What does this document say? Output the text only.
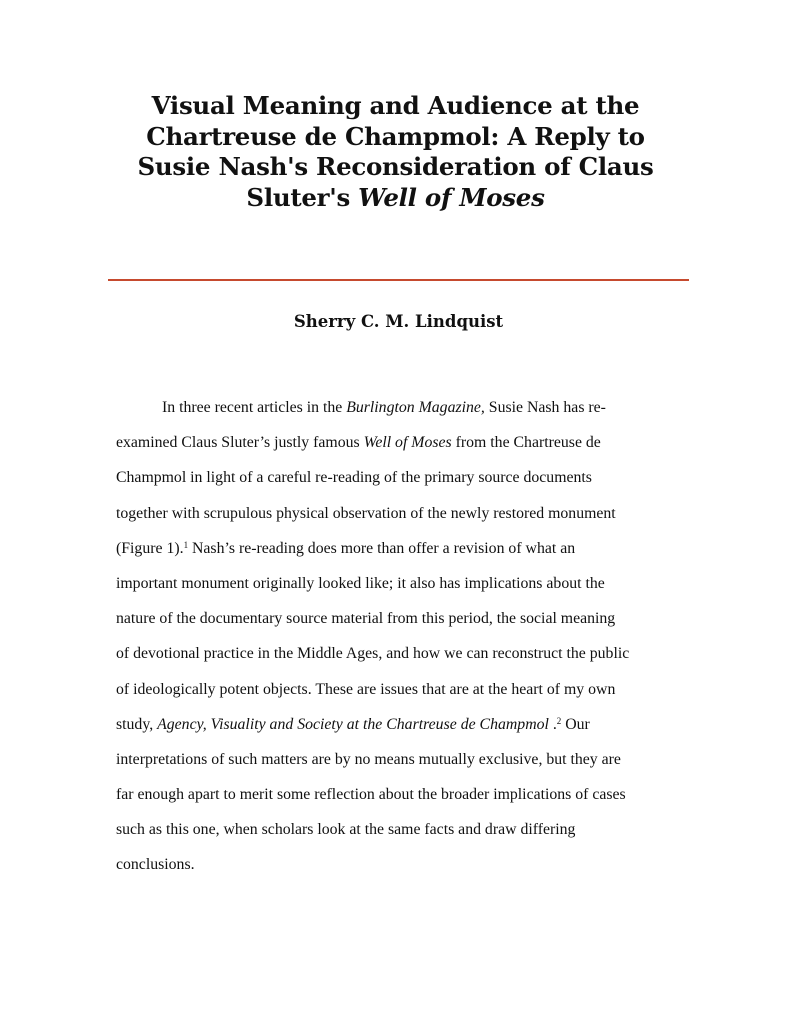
Visual Meaning and Audience at the
Chartreuse de Champmol: A Reply to
Susie Nash's Reconsideration of Claus
Sluter's Well of Moses
Sherry C. M. Lindquist
In three recent articles in the Burlington Magazine, Susie Nash has re-
examined Claus Sluter’s justly famous Well of Moses from the Chartreuse de
Champmol in light of a careful re-reading of the primary source documents
together with scrupulous physical observation of the newly restored monument
(Figure 1).$^1$ Nash’s re-reading does more than offer a revision of what an
important monument originally looked like; it also has implications about the
nature of the documentary source material from this period, the social meaning
of devotional practice in the Middle Ages, and how we can reconstruct the public
of ideologically potent objects. These are issues that are at the heart of my own
study, Agency, Visuality and Society at the Chartreuse de Champmol .$^2$ Our
interpretations of such matters are by no means mutually exclusive, but they are
far enough apart to merit some reflection about the broader implications of cases
such as this one, when scholars look at the same facts and draw differing
conclusions.
